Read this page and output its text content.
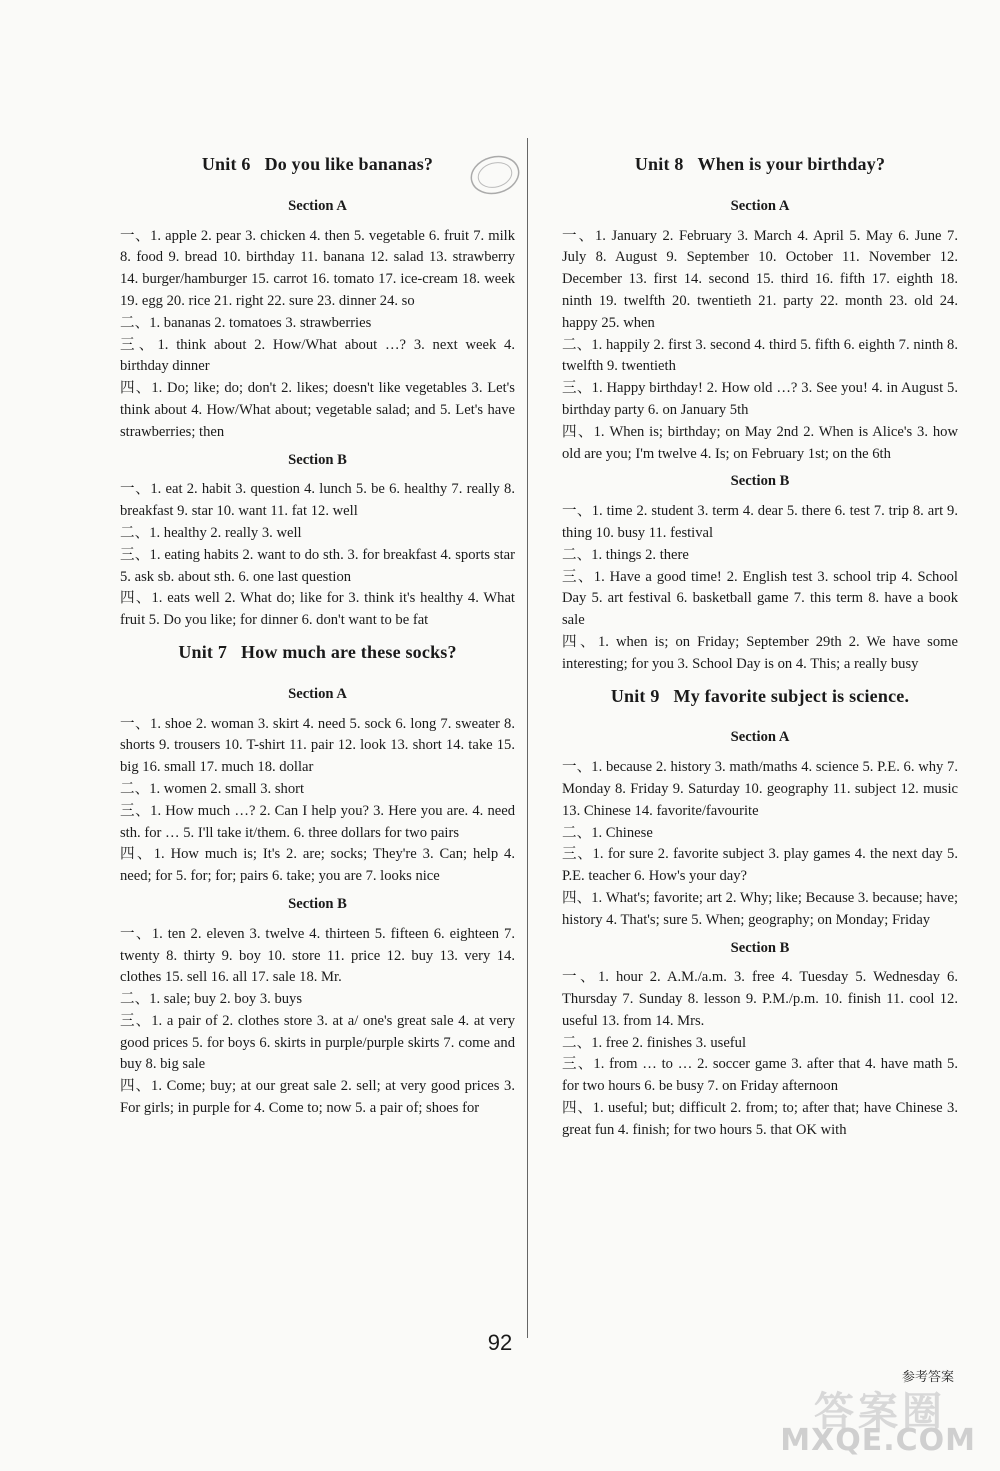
Unit 6 Do you like bananas?
Section A

一、1. apple 2. pear 3. chicken 4. then 5. vegetable 6. fruit 7. milk 8. food 9. bread 10. birthday 11. banana 12. salad 13. strawberry 14. burger/hamburger 15. carrot 16. tomato 17. ice-cream 18. week 19. egg 20. rice 21. right 22. sure 23. dinner 24. so

二、1. bananas 2. tomatoes 3. strawberries

三、1. think about 2. How/What about …? 3. next week 4. birthday dinner

四、1. Do; like; do; don't 2. likes; doesn't like vegetables 3. Let's think about 4. How/What about; vegetable salad; and 5. Let's have strawberries; then

Section B

一、1. eat 2. habit 3. question 4. lunch 5. be 6. healthy 7. really 8. breakfast 9. star 10. want 11. fat 12. well

二、1. healthy 2. really 3. well

三、1. eating habits 2. want to do sth. 3. for breakfast 4. sports star 5. ask sb. about sth. 6. one last question

四、1. eats well 2. What do; like for 3. think it's healthy 4. What fruit 5. Do you like; for dinner 6. don't want to be fat

Unit 7 How much are these socks?
Section A

一、1. shoe 2. woman 3. skirt 4. need 5. sock 6. long 7. sweater 8. shorts 9. trousers 10. T-shirt 11. pair 12. look 13. short 14. take 15. big 16. small 17. much 18. dollar

二、1. women 2. small 3. short

三、1. How much …? 2. Can I help you? 3. Here you are. 4. need sth. for … 5. I'll take it/them. 6. three dollars for two pairs

四、1. How much is; It's 2. are; socks; They're 3. Can; help 4. need; for 5. for; for; pairs 6. take; you are 7. looks nice

Section B

一、1. ten 2. eleven 3. twelve 4. thirteen 5. fifteen 6. eighteen 7. twenty 8. thirty 9. boy 10. store 11. price 12. buy 13. very 14. clothes 15. sell 16. all 17. sale 18. Mr.

二、1. sale; buy 2. boy 3. buys

三、1. a pair of 2. clothes store 3. at a/ one's great sale 4. at very good prices 5. for boys 6. skirts in purple/purple skirts 7. come and buy 8. big sale

四、1. Come; buy; at our great sale 2. sell; at very good prices 3. For girls; in purple for 4. Come to; now 5. a pair of; shoes for

Unit 8 When is your birthday?
Section A

一、1. January 2. February 3. March 4. April 5. May 6. June 7. July 8. August 9. September 10. October 11. November 12. December 13. first 14. second 15. third 16. fifth 17. eighth 18. ninth 19. twelfth 20. twentieth 21. party 22. month 23. old 24. happy 25. when

二、1. happily 2. first 3. second 4. third 5. fifth 6. eighth 7. ninth 8. twelfth 9. twentieth

三、1. Happy birthday! 2. How old …? 3. See you! 4. in August 5. birthday party 6. on January 5th

四、1. When is; birthday; on May 2nd 2. When is Alice's 3. how old are you; I'm twelve 4. Is; on February 1st; on the 6th

Section B

一、1. time 2. student 3. term 4. dear 5. there 6. test 7. trip 8. art 9. thing 10. busy 11. festival

二、1. things 2. there

三、1. Have a good time! 2. English test 3. school trip 4. School Day 5. art festival 6. basketball game 7. this term 8. have a book sale

四、1. when is; on Friday; September 29th 2. We have some interesting; for you 3. School Day is on 4. This; a really busy

Unit 9 My favorite subject is science.
Section A

一、1. because 2. history 3. math/maths 4. science 5. P.E. 6. why 7. Monday 8. Friday 9. Saturday 10. geography 11. subject 12. music 13. Chinese 14. favorite/favourite

二、1. Chinese

三、1. for sure 2. favorite subject 3. play games 4. the next day 5. P.E. teacher 6. How's your day?

四、1. What's; favorite; art 2. Why; like; Because 3. because; have; history 4. That's; sure 5. When; geography; on Monday; Friday

Section B

一、1. hour 2. A.M./a.m. 3. free 4. Tuesday 5. Wednesday 6. Thursday 7. Sunday 8. lesson 9. P.M./p.m. 10. finish 11. cool 12. useful 13. from 14. Mrs.

二、1. free 2. finishes 3. useful

三、1. from … to … 2. soccer game 3. after that 4. have math 5. for two hours 6. be busy 7. on Friday afternoon

四、1. useful; but; difficult 2. from; to; after that; have Chinese 3. great fun 4. finish; for two hours 5. that OK with

92
参考答案
答案圈
MXQE.COM
